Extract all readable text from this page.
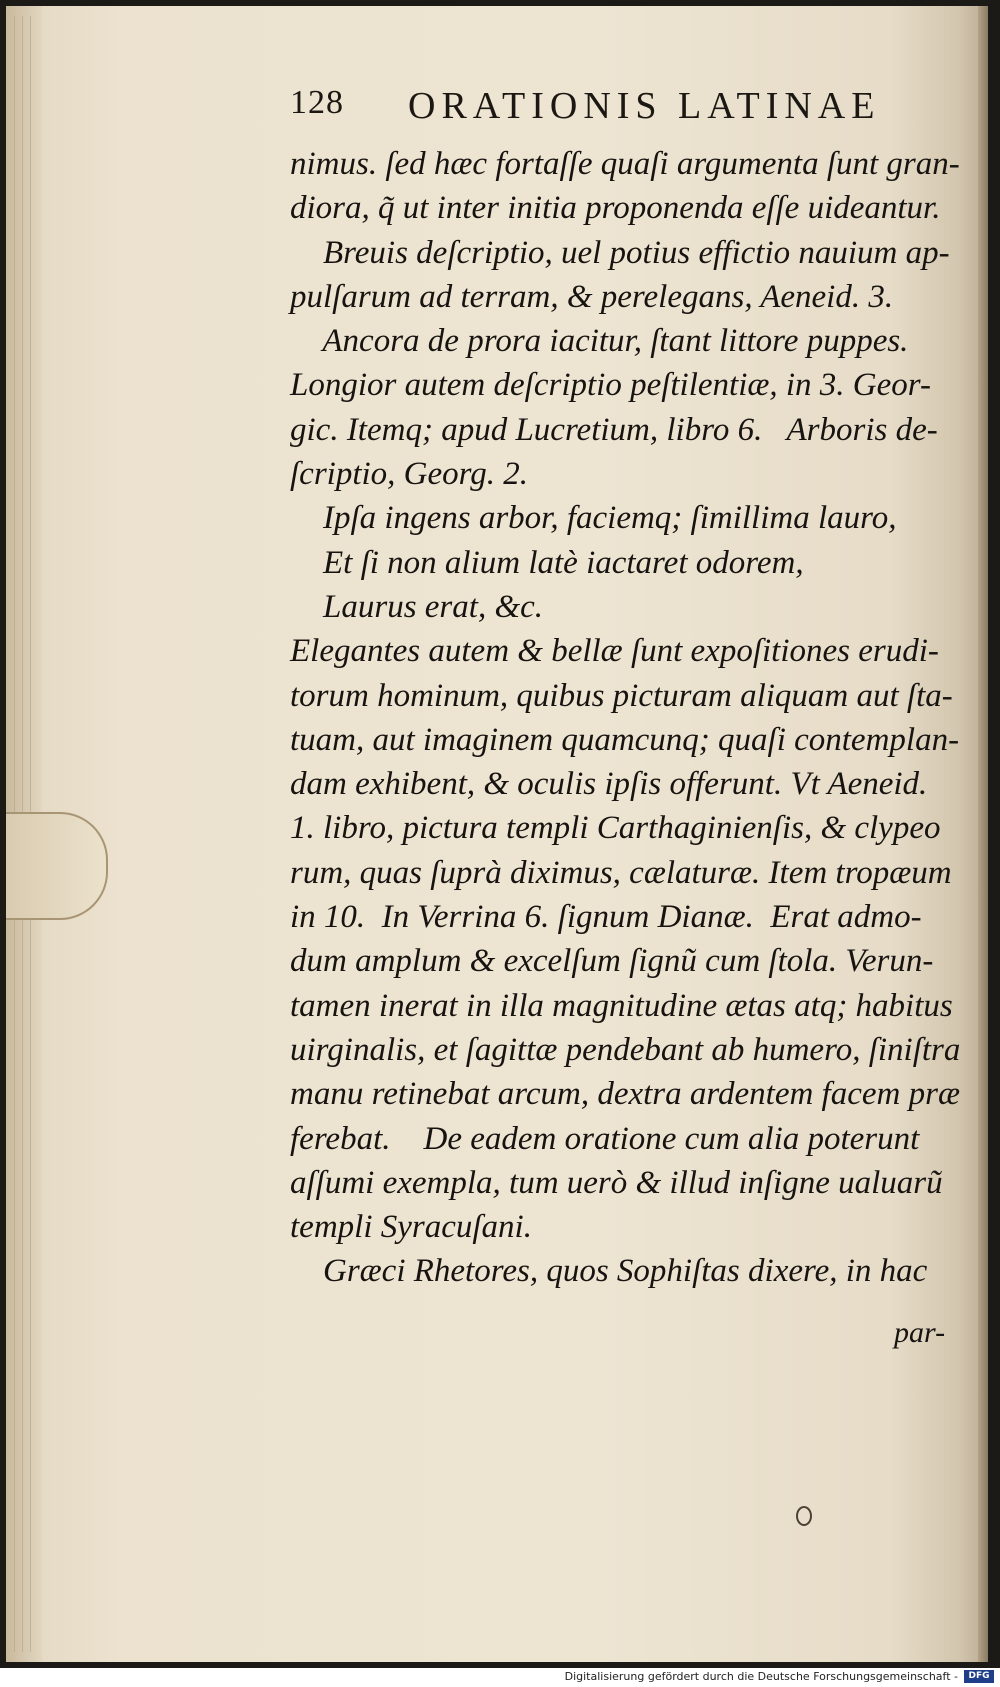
128 ORATIONIS LATINAE
nimus. ſed hæc fortaſſe quaſi argumenta ſunt gran-
diora, q̃ ut inter initia proponenda eſſe uideantur.
Breuis deſcriptio, uel potius effictio nauium ap-
pulſarum ad terram, & perelegans, Aeneid. 3.
Ancora de prora iacitur, ſtant littore puppes.
Longior autem deſcriptio peſtilentiæ, in 3. Geor-
gic. Itemq; apud Lucretium, libro 6.   Arboris de-
ſcriptio, Georg. 2.
Ipſa ingens arbor, faciemq; ſimillima lauro,
Et ſi non alium latè iactaret odorem,
Laurus erat, &c.
Elegantes autem & bellæ ſunt expoſitiones erudi-
torum hominum, quibus picturam aliquam aut ſta-
tuam, aut imaginem quamcunq; quaſi contemplan-
dam exhibent, & oculis ipſis offerunt. Vt Aeneid.
1. libro, pictura templi Carthaginienſis, & clypeo
rum, quas ſuprà diximus, cælaturæ. Item tropæum
in 10.  In Verrina 6. ſignum Dianæ.  Erat admo-
dum amplum & excelſum ſignũ cum ſtola. Verun-
tamen inerat in illa magnitudine ætas atq; habitus
uirginalis, et ſagittæ pendebant ab humero, ſiniſtra
manu retinebat arcum, dextra ardentem facem præ
ferebat.    De eadem oratione cum alia poterunt
aſſumi exempla, tum uerò & illud inſigne ualuarũ
templi Syracuſani.
Græci Rhetores, quos Sophiſtas dixere, in hac
par-
Digitalisierung gefördert durch die Deutsche Forschungsgemeinschaft -	DFG
